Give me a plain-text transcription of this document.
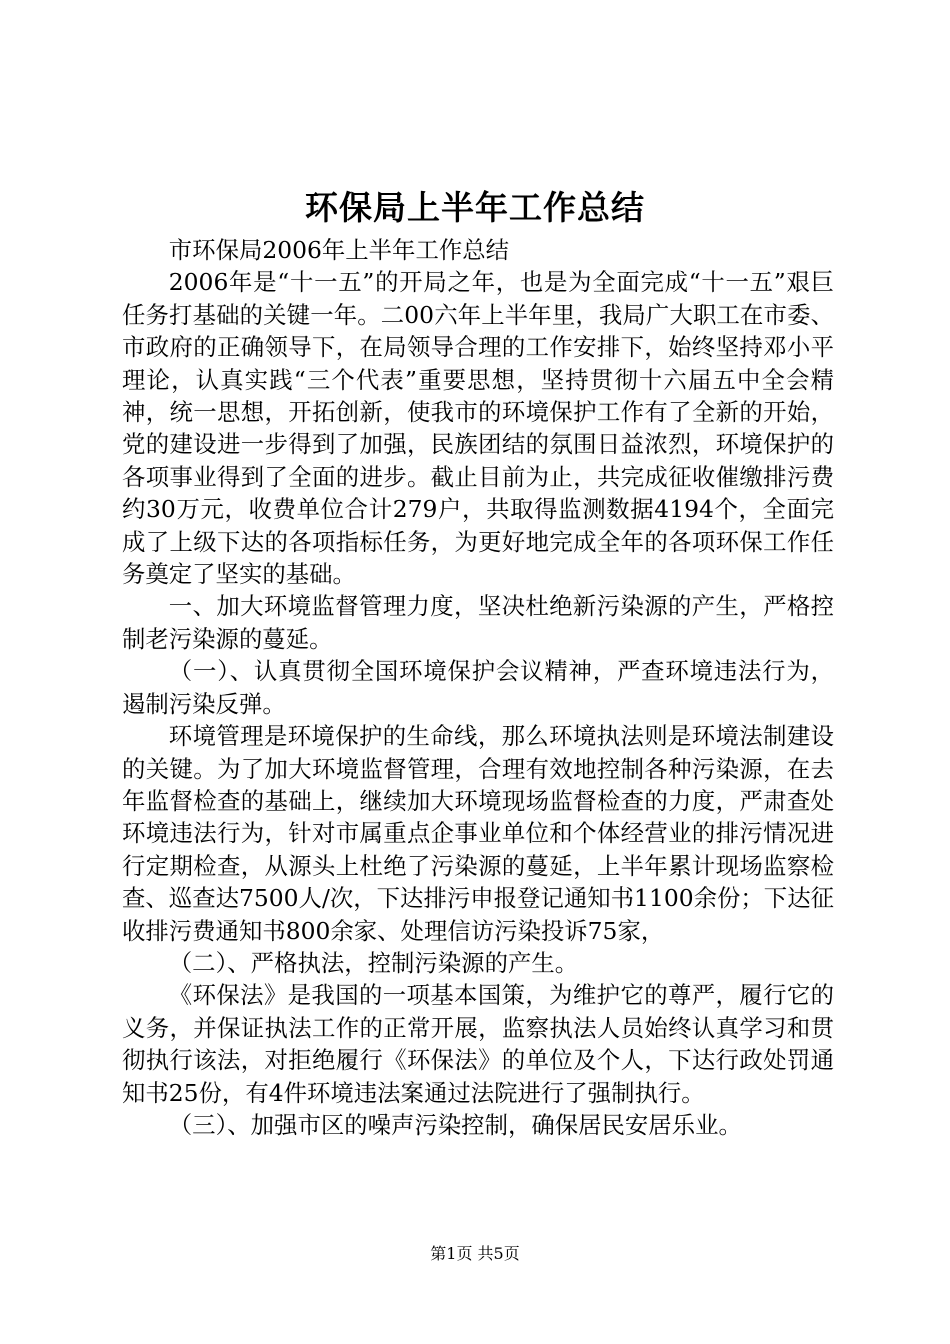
环保局上半年工作总结

市环保局2006年上半年工作总结

2006年是“十一五”的开局之年，也是为全面完成“十一五”艰巨任务打基础的关键一年。二00六年上半年里，我局广大职工在市委、市政府的正确领导下，在局领导合理的工作安排下，始终坚持邓小平理论，认真实践“三个代表”重要思想，坚持贯彻十六届五中全会精神，统一思想，开拓创新，使我市的环境保护工作有了全新的开始，党的建设进一步得到了加强，民族团结的氛围日益浓烈，环境保护的各项事业得到了全面的进步。截止目前为止，共完成征收催缴排污费约30万元，收费单位合计279户，共取得监测数据4194个，全面完成了上级下达的各项指标任务，为更好地完成全年的各项环保工作任务奠定了坚实的基础。

一、加大环境监督管理力度，坚决杜绝新污染源的产生，严格控制老污染源的蔓延。

（一）、认真贯彻全国环境保护会议精神，严查环境违法行为，遏制污染反弹。

环境管理是环境保护的生命线，那么环境执法则是环境法制建设的关键。为了加大环境监督管理，合理有效地控制各种污染源，在去年监督检查的基础上，继续加大环境现场监督检查的力度，严肃查处环境违法行为，针对市属重点企事业单位和个体经营业的排污情况进行定期检查，从源头上杜绝了污染源的蔓延，上半年累计现场监察检查、巡查达7500人/次，下达排污申报登记通知书1100余份；下达征收排污费通知书800余家、处理信访污染投诉75家，

（二）、严格执法，控制污染源的产生。

《环保法》是我国的一项基本国策，为维护它的尊严，履行它的义务，并保证执法工作的正常开展，监察执法人员始终认真学习和贯彻执行该法，对拒绝履行《环保法》的单位及个人，下达行政处罚通知书25份，有4件环境违法案通过法院进行了强制执行。

（三）、加强市区的噪声污染控制，确保居民安居乐业。

第1页 共5页
